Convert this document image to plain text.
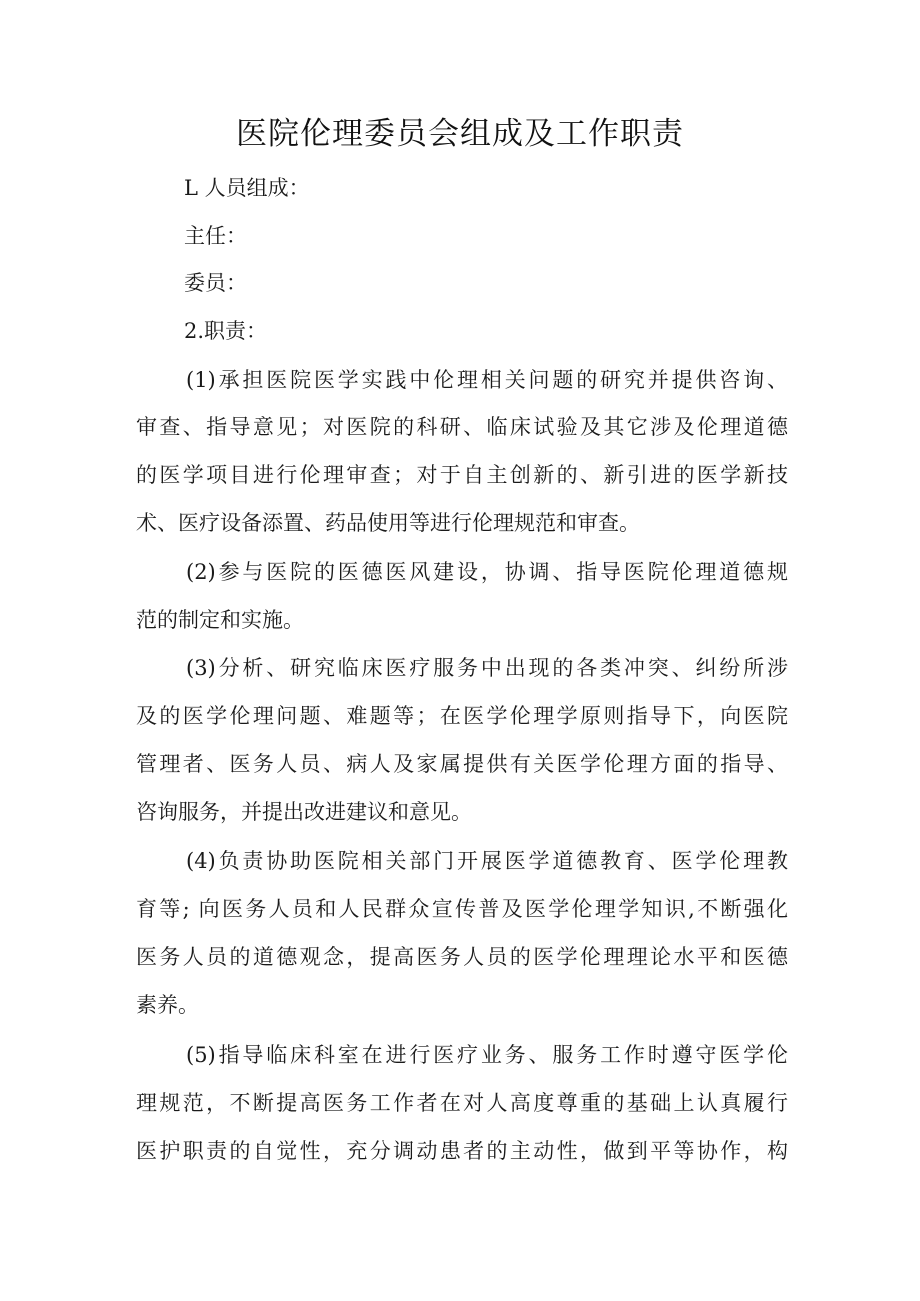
医院伦理委员会组成及工作职责

L 人员组成：

主任：

委员：

2.职责：

(1)承担医院医学实践中伦理相关问题的研究并提供咨询、

审查、指导意见；对医院的科研、临床试验及其它涉及伦理道德

的医学项目进行伦理审查；对于自主创新的、新引进的医学新技

术、医疗设备添置、药品使用等进行伦理规范和审查。

(2)参与医院的医德医风建设，协调、指导医院伦理道德规

范的制定和实施。

(3)分析、研究临床医疗服务中出现的各类冲突、纠纷所涉

及的医学伦理问题、难题等；在医学伦理学原则指导下，向医院

管理者、医务人员、病人及家属提供有关医学伦理方面的指导、

咨询服务，并提出改进建议和意见。

(4)负责协助医院相关部门开展医学道德教育、医学伦理教

育等; 向医务人员和人民群众宣传普及医学伦理学知识,不断强化

医务人员的道德观念，提高医务人员的医学伦理理论水平和医德

素养。

(5)指导临床科室在进行医疗业务、服务工作时遵守医学伦

理规范，不断提高医务工作者在对人高度尊重的基础上认真履行

医护职责的自觉性，充分调动患者的主动性，做到平等协作，构
